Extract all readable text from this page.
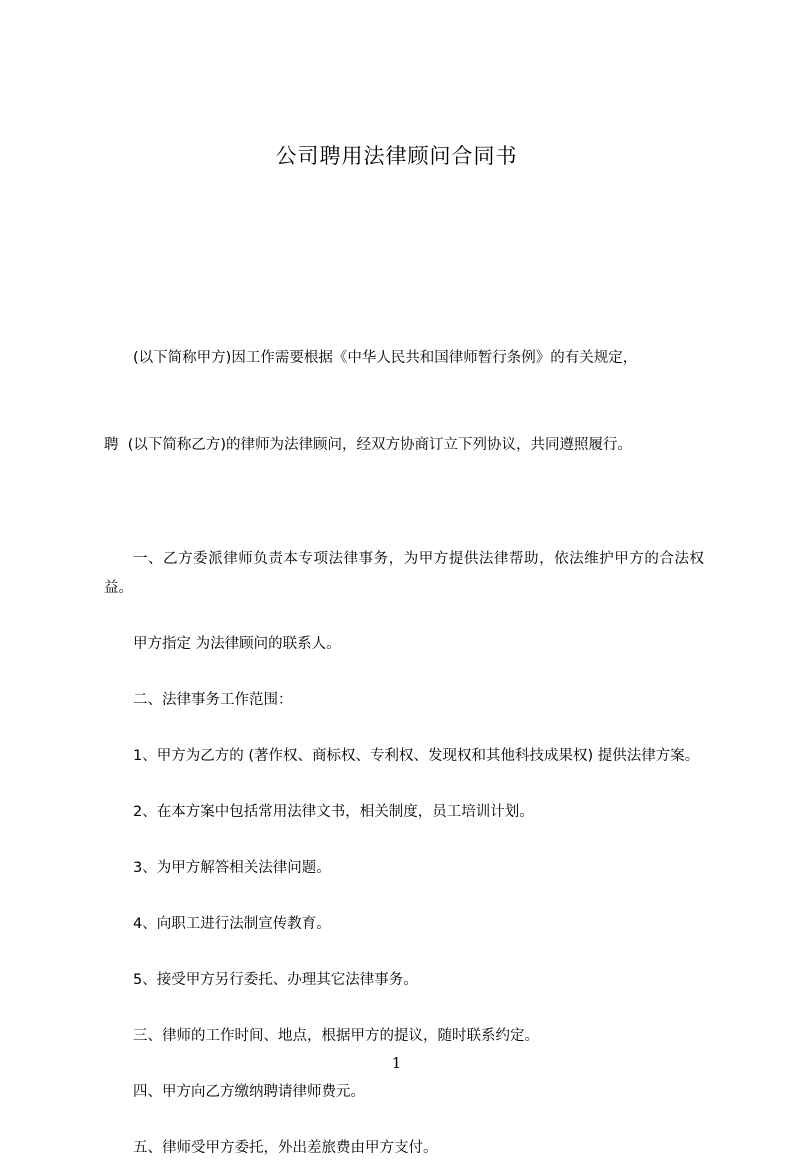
公司聘用法律顾问合同书

(以下简称甲方)因工作需要根据《中华人民共和国律师暂行条例》的有关规定，

聘  (以下简称乙方)的律师为法律顾问，经双方协商订立下列协议，共同遵照履行。

一、乙方委派律师负责本专项法律事务，为甲方提供法律帮助，依法维护甲方的合法权益。

甲方指定 为法律顾问的联系人。

二、法律事务工作范围：

1、甲方为乙方的 (著作权、商标权、专利权、发现权和其他科技成果权) 提供法律方案。

2、在本方案中包括常用法律文书，相关制度，员工培训计划。

3、为甲方解答相关法律问题。

4、向职工进行法制宣传教育。

5、接受甲方另行委托、办理其它法律事务。

三、律师的工作时间、地点，根据甲方的提议，随时联系约定。

四、甲方向乙方缴纳聘请律师费元。

五、律师受甲方委托，外出差旅费由甲方支付。

1
